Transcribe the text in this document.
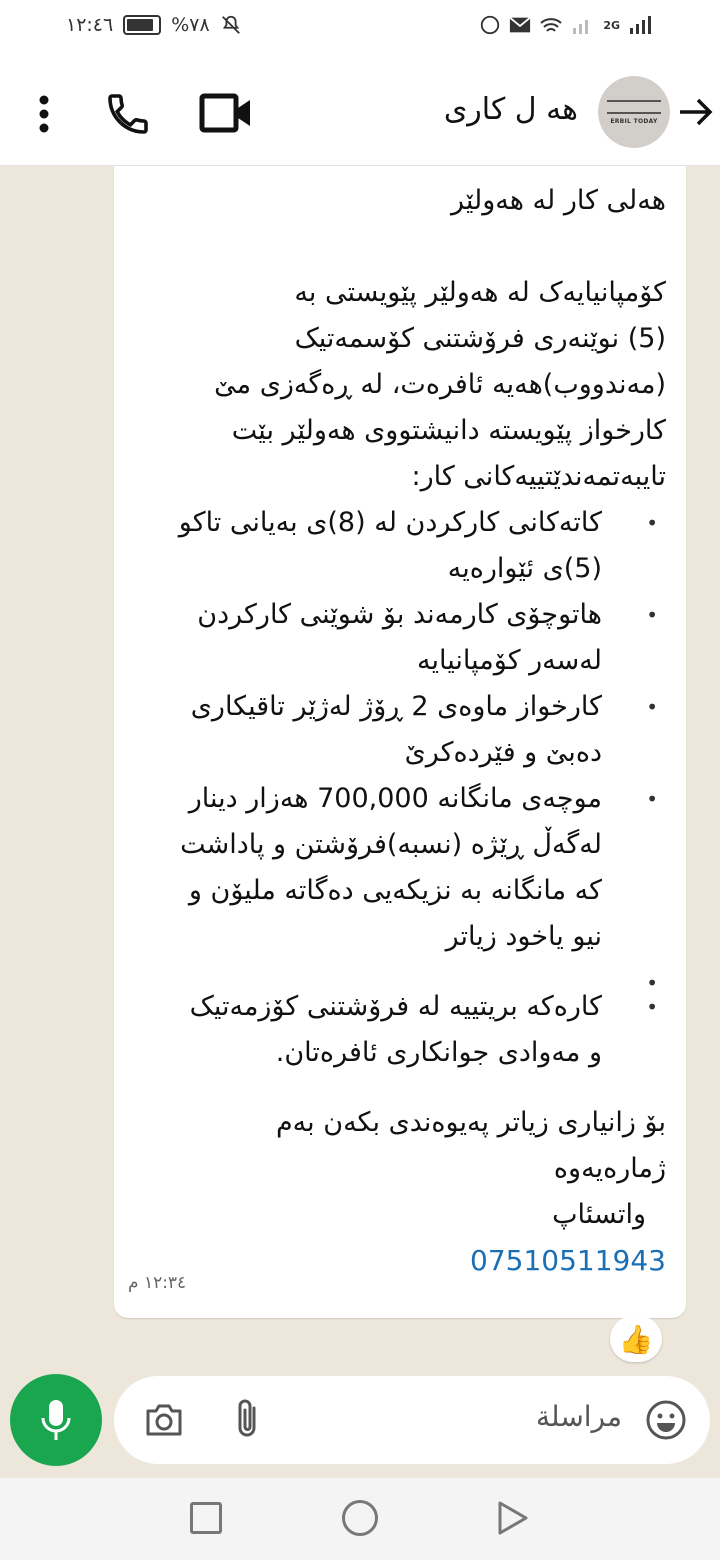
١٢:٤٦	%٧٨	2G
هە ل کاری	ERBIL TODAY
هەلی کار لە هەولێر
کۆمپانیایەک لە هەولێر پێویستی بە
(5) نوێنەری فرۆشتنی کۆسمەتیک
(مەندووب)هەیە ئافرەت، لە ڕەگەزی مێ
کارخواز پێویستە دانیشتووی هەولێر بێت
تایبەتمەندێتییەکانی کار:
• کاتەکانی کارکردن لە (8)ی بەیانی تاکو
(5)ی ئێوارەیە
• هاتوچۆی کارمەند بۆ شوێنی کارکردن
لەسەر کۆمپانیایە
• کارخواز ماوەی 2 ڕۆژ لەژێر تاقیکاری
دەبێ و فێردەکرێ
• موچەی مانگانە 700,000 هەزار دینار
لەگەڵ ڕێژە (نسبە)فرۆشتن و پاداشت
کە مانگانە بە نزیکەیی دەگاتە ملیۆن و
نیو یاخود زیاتر
•
• کارەکە بریتییە لە فرۆشتنی کۆزمەتیک
و مەوادی جوانکاری ئافرەتان.
بۆ زانیاری زیاتر پەیوەندی بکەن بەم
ژمارەیەوە
واتسئاپ
07510511943
١٢:٣٤ م
👍
مراسلة
